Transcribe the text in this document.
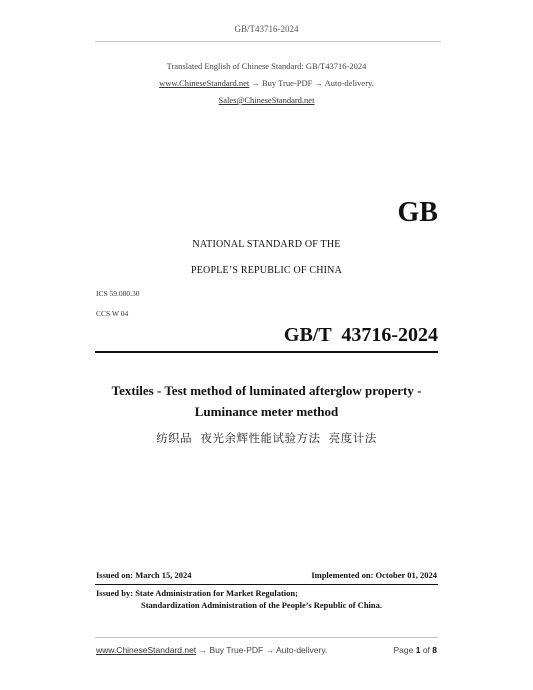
GB/T43716-2024
Translated English of Chinese Standard: GB/T43716-2024
www.ChineseStandard.net → Buy True-PDF → Auto-delivery.
Sales@ChineseStandard.net
GB
NATIONAL STANDARD OF THE
PEOPLE’S REPUBLIC OF CHINA
ICS 59.080.30
CCS W 04
GB/T  43716-2024
Textiles - Test method of luminated afterglow property -
Luminance meter method
纺织品  夜光余辉性能试验方法  亮度计法
Issued on: March 15, 2024	Implemented on: October 01, 2024
Issued by: State Administration for Market Regulation;
Standardization Administration of the People’s Republic of China.
www.ChineseStandard.net → Buy True-PDF → Auto-delivery.	Page 1 of 8
